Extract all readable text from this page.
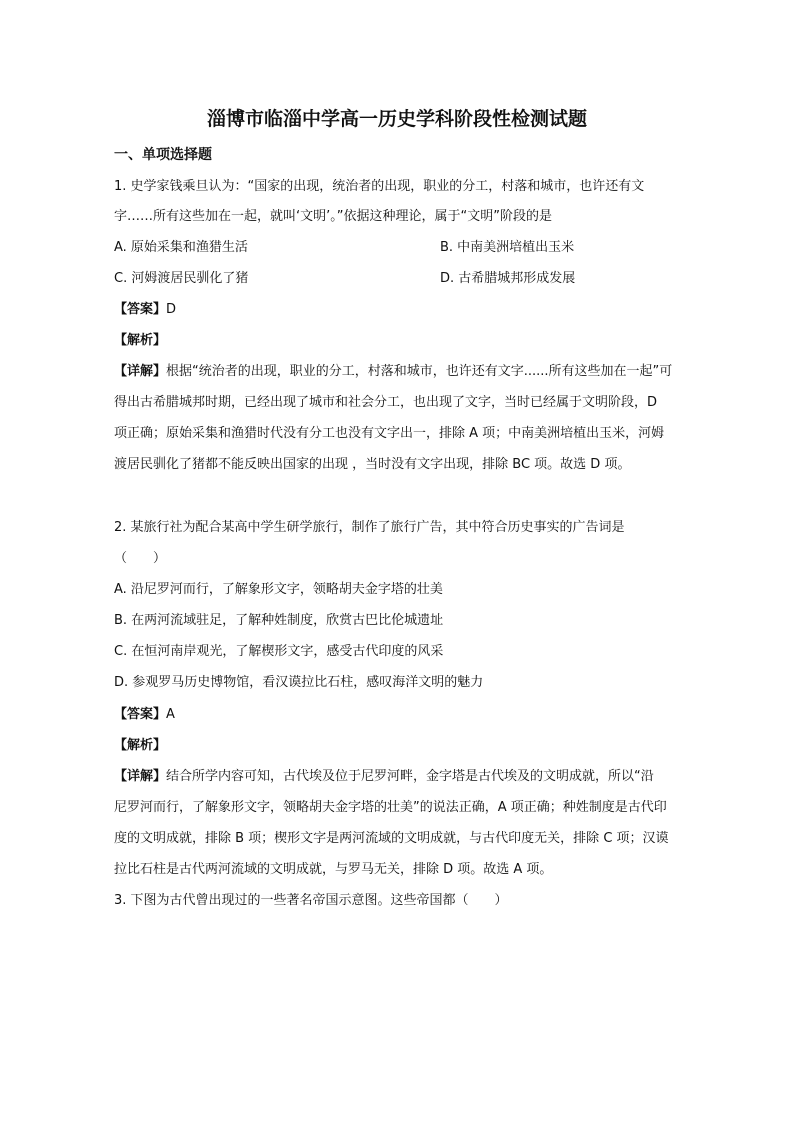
淄博市临淄中学高一历史学科阶段性检测试题
一、单项选择题
1. 史学家钱乘旦认为：“国家的出现，统治者的出现，职业的分工，村落和城市，也许还有文
字……所有这些加在一起，就叫‘文明’。”依据这种理论，属于“文明”阶段的是
A. 原始采集和渔猎生活	B. 中南美洲培植出玉米
C. 河姆渡居民驯化了猪	D. 古希腊城邦形成发展
【答案】D
【解析】
【详解】根据“统治者的出现，职业的分工，村落和城市，也许还有文字......所有这些加在一起”可
得出古希腊城邦时期，已经出现了城市和社会分工，也出现了文字，当时已经属于文明阶段，D
项正确；原始采集和渔猎时代没有分工也没有文字出一，排除 A 项；中南美洲培植出玉米，河姆
渡居民驯化了猪都不能反映出国家的出现 ，当时没有文字出现，排除 BC 项。故选 D 项。
2. 某旅行社为配合某高中学生研学旅行，制作了旅行广告，其中符合历史事实的广告词是
（　　）
A. 沿尼罗河而行，了解象形文字，领略胡夫金字塔的壮美
B. 在两河流域驻足，了解种姓制度，欣赏古巴比伦城遗址
C. 在恒河南岸观光，了解楔形文字，感受古代印度的风采
D. 参观罗马历史博物馆，看汉谟拉比石柱，感叹海洋文明的魅力
【答案】A
【解析】
【详解】结合所学内容可知，古代埃及位于尼罗河畔，金字塔是古代埃及的文明成就，所以“沿
尼罗河而行，了解象形文字，领略胡夫金字塔的壮美”的说法正确，A 项正确；种姓制度是古代印
度的文明成就，排除 B 项；楔形文字是两河流域的文明成就，与古代印度无关，排除 C 项；汉谟
拉比石柱是古代两河流域的文明成就，与罗马无关，排除 D 项。故选 A 项。
3. 下图为古代曾出现过的一些著名帝国示意图。这些帝国都（　　）
